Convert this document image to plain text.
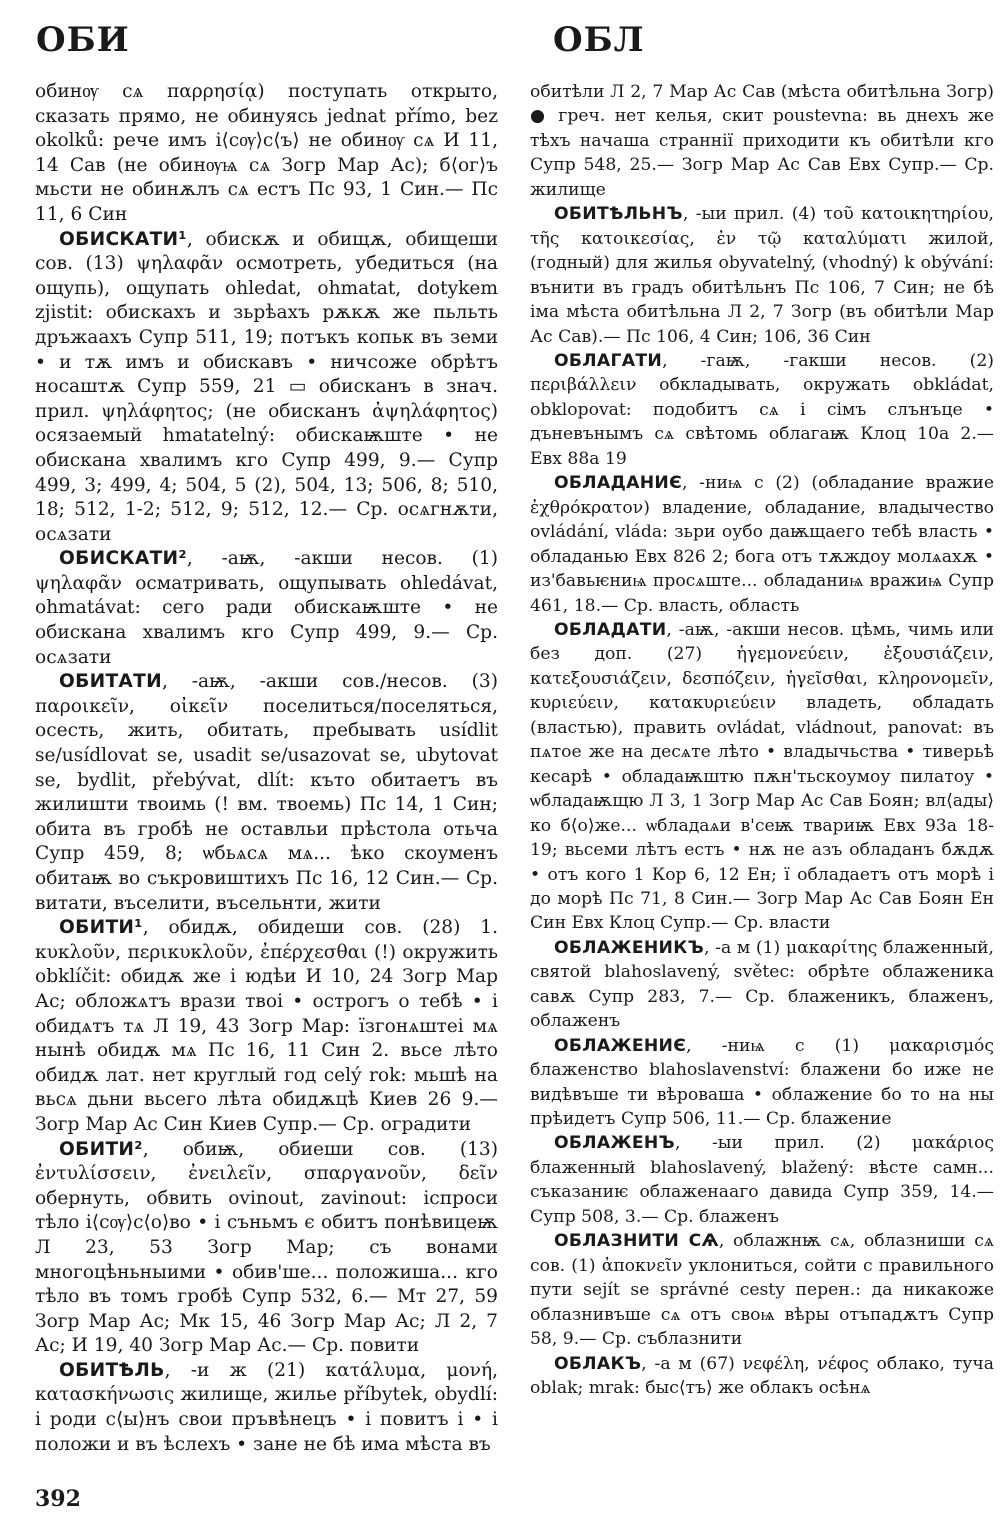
ОБИ	ОБЛ

обинѹ сѧ παρρησίᾳ) поступать открыто, сказать прямо, не обинуясь jednat přímo, bez okolků: рече имъ і⟨сѹ⟩с⟨ъ⟩ не обинѹ сѧ И 11, 14 Сав (не обинѹѩ сѧ Зогр Мар Ас); б⟨ог⟩ъ мьсти не обинѫлъ сѧ естъ Пс 93, 1 Син.— Пс 11, 6 Син

ОБИСКАТИ¹, обискѫ и обищѫ, обищеши сов. (13) ψηλαφᾶν осмотреть, убедиться (на ощупь), ощупать ohledat, ohmatat, dotykem zjistit: обискахъ и зьрѣахъ рѫкѫ же пьльть дръжаахъ Супр 511, 19; потъкъ копьк въ земи • и тѫ имъ и обискавъ • ничсоже обрѣтъ носаштѫ Супр 559, 21 ▭ обисканъ в знач. прил. ψηλάφητος; (не обисканъ ἀψηλάφητος) осязаемый hmatatelný: обискаѭште • не обискана хвалимъ кго Супр 499, 9.— Супр 499, 3; 499, 4; 504, 5 (2), 504, 13; 506, 8; 510, 18; 512, 1-2; 512, 9; 512, 12.— Ср. осѧгнѫти, осѧзати

ОБИСКАТИ², -аѭ, -акши несов. (1) ψηλαφᾶν осматривать, ощупывать ohledávat, ohmatávat: сего ради обискаѭште • не обискана хвалимъ кго Супр 499, 9.— Ср. осѧзати

ОБИТАТИ, -аѭ, -акши сов./несов. (3) παροικεῖν, οἰκεῖν поселиться/поселяться, осесть, жить, обитать, пребывать usídlit se/usídlovat se, usadit se/usazovat se, ubytovat se, bydlit, přebývat, dlít: къто обитаетъ въ жилишти твоимь (! вм. твоемь) Пс 14, 1 Син; обита въ гробѣ не оставльи прѣстола отьча Супр 459, 8; ѡбьѧсѧ мѧ... ѣко скоуменъ обитаѭ во съкровиштихъ Пс 16, 12 Син.— Ср. витати, въселити, въсельнти, жити

ОБИТИ¹, обидѫ, обидеши сов. (28) 1. κυκλοῦν, περικυκλοῦν, ἐπέρχεσθαι (!) окружить obklíčit: обидѫ же і юдѣи И 10, 24 Зогр Мар Ас; обложѧтъ врази твоі • острогъ о тебѣ • і обидѧтъ тѧ Л 19, 43 Зогр Мар: їзгонѧштеі мѧ нынѣ обидѫ мѧ Пс 16, 11 Син 2. вьсе лѣто обидѫ лат. нет круглый год celý rok: мьшѣ на вьсѧ дьни вьсего лѣта обидѫцѣ Киев 26 9.— Зогр Мар Ас Син Киев Супр.— Ср. оградити

ОБИТИ², обиѭ, обиеши сов. (13) ἐντυλίσσειν, ἐνειλεῖν, σπαργανοῦν, δεῖν обернуть, обвить ovinout, zavinout: іспроси тѣло і⟨сѹ⟩с⟨о⟩во • і съньмъ є обитъ понѣвицеѭ Л 23, 53 Зогр Мар; съ вонами многоцѣньныими • обив'ше... положиша... кго тѣло въ томъ гробѣ Супр 532, 6.— Мт 27, 59 Зогр Мар Ас; Мк 15, 46 Зогр Мар Ас; Л 2, 7 Ас; И 19, 40 Зогр Мар Ас.— Ср. повити

ОБИТѢЛЬ, -и ж (21) κατάλυμα, μονή, κατασκήνωσις жилище, жилье příbytek, obydlí: і роди с⟨ы⟩нъ свои пръвѣнецъ • і повитъ і • і положи и въ ѣслехъ • зане не бѣ има мѣста въ

обитѣли Л 2, 7 Мар Ас Сав (мѣста обитѣльна Зогр) ● греч. нет келья, скит poustevna: вь днехъ же тѣхъ начаша страннії приходити къ обитѣли кго Супр 548, 25.— Зогр Мар Ас Сав Евх Супр.— Ср. жилище

ОБИТѢЛЬНЪ, -ыи прил. (4) τοῦ κατοικητηρίου, τῆς κατοικεσίας, ἐν τῷ καταλύματι жилой, (годный) для жилья obyvatelný, (vhodný) k obývání: вънити въ градъ обитѣльнъ Пс 106, 7 Син; не бѣ іма мѣста обитѣльна Л 2, 7 Зогр (въ обитѣли Мар Ас Сав).— Пс 106, 4 Син; 106, 36 Син

ОБЛАГАТИ, -гаѭ, -гакши несов. (2) περιβάλλειν обкладывать, окружать obkládat, obklopovat: подобитъ сѧ і сімъ слънъце • дъневънымъ сѧ свѣтомь облагаѭ Клоц 10а 2.— Евх 88а 19

ОБЛАДАНИЄ, -ниѩ с (2) (обладание вражие ἐχθρόκρατον) владение, обладание, владычество ovládání, vláda: зьри оубо даѭщаего тебѣ власть • обладанью Евх 826 2; бога отъ тѫждоу молѧахѫ • из'бавьѥниѩ просѧште... обладаниѩ вражиѩ Супр 461, 18.— Ср. власть, область

ОБЛАДАТИ, -аѭ, -акши несов. цѣмь, чимь или без доп. (27) ἡγεμονεύειν, ἐξουσιάζειν, κατεξουσιάζειν, δεσπόζειν, ἡγεῖσθαι, κληρονομεῖν, κυριεύειν, κατακυριεύειν владеть, обладать (властью), править ovládat, vládnout, panovat: въ пѧтое же на десѧте лѣто • владычьства • тиверьѣ кесарѣ • обладаѭштю пѫн'тьскоумоу пилатоу • ѡбладаѭщю Л 3, 1 Зогр Мар Ас Сав Боян; вл⟨ады⟩ко б⟨о⟩же... ѡбладаѧи в'сеѭ твариѭ Евх 93а 18-19; вьсеми лѣтъ естъ • нѫ не азъ обладанъ бѫдѫ • отъ кого 1 Кор 6, 12 Ен; ї обладаетъ отъ морѣ і до морѣ Пс 71, 8 Син.— Зогр Мар Ас Сав Боян Ен Син Евх Клоц Супр.— Ср. власти

ОБЛАЖЕНИКЪ, -а м (1) μακαρίτης блаженный, святой blahoslavený, světec: обрѣте облаженика савѫ Супр 283, 7.— Ср. блаженикъ, блаженъ, облаженъ

ОБЛАЖЕНИЄ, -ниѩ с (1) μακαρισμός блаженство blahoslavenství: блажени бо иже не видѣвъше ти вѣроваша • облажение бо то на ны прѣидетъ Супр 506, 11.— Ср. блажение

ОБЛАЖЕНЪ, -ыи прил. (2) μακάριος блаженный blahoslavený, blažený: вѣсте самн... съказаниѥ облаженааго давида Супр 359, 14.— Супр 508, 3.— Ср. блаженъ

ОБЛАЗНИТИ СѦ, облажнѭ сѧ, облазниши сѧ сов. (1) ἀποκνεῖν уклониться, сойти с правильного пути sejít se správné cesty перен.: да никакоже облазнивъше сѧ отъ своѩ вѣры отъпадѫтъ Супр 58, 9.— Ср. съблазнити

ОБЛАКЪ, -а м (67) νεφέλη, νέφος облако, туча oblak; mrak: быс⟨тъ⟩ же облакъ осѣнѧ

392
